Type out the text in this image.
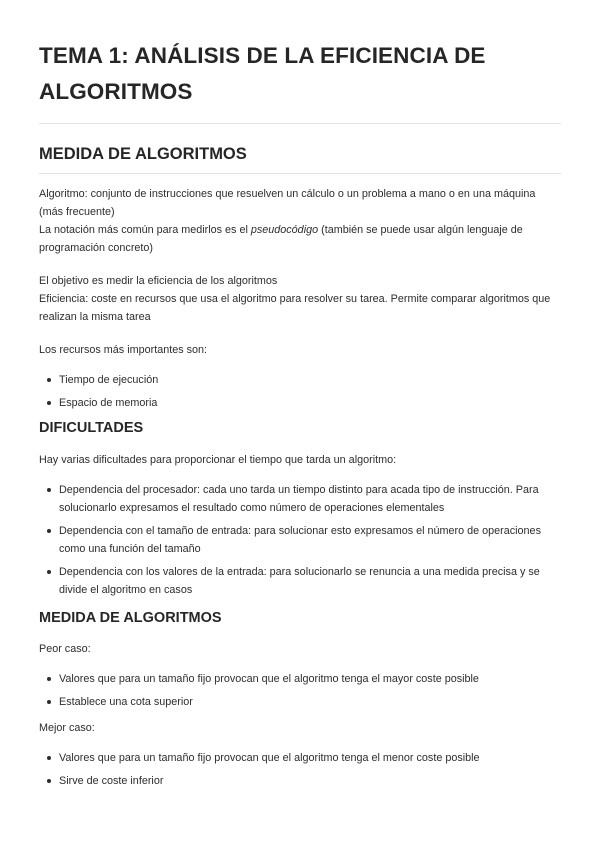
TEMA 1: ANÁLISIS DE LA EFICIENCIA DE ALGORITMOS
MEDIDA DE ALGORITMOS

Algoritmo: conjunto de instrucciones que resuelven un cálculo o un problema a mano o en una máquina (más frecuente)
La notación más común para medirlos es el pseudocódigo (también se puede usar algún lenguaje de programación concreto)

El objetivo es medir la eficiencia de los algoritmos
Eficiencia: coste en recursos que usa el algoritmo para resolver su tarea. Permite comparar algoritmos que realizan la misma tarea

Los recursos más importantes son:

Tiempo de ejecución
Espacio de memoria
DIFICULTADES

Hay varias dificultades para proporcionar el tiempo que tarda un algoritmo:

Dependencia del procesador: cada uno tarda un tiempo distinto para acada tipo de instrucción. Para solucionarlo expresamos el resultado como número de operaciones elementales
Dependencia con el tamaño de entrada: para solucionar esto expresamos el número de operaciones como una función del tamaño
Dependencia con los valores de la entrada: para solucionarlo se renuncia a una medida precisa y se divide el algoritmo en casos
MEDIDA DE ALGORITMOS

Peor caso:

Valores que para un tamaño fijo provocan que el algoritmo tenga el mayor coste posible
Establece una cota superior

Mejor caso:

Valores que para un tamaño fijo provocan que el algoritmo tenga el menor coste posible
Sirve de coste inferior
